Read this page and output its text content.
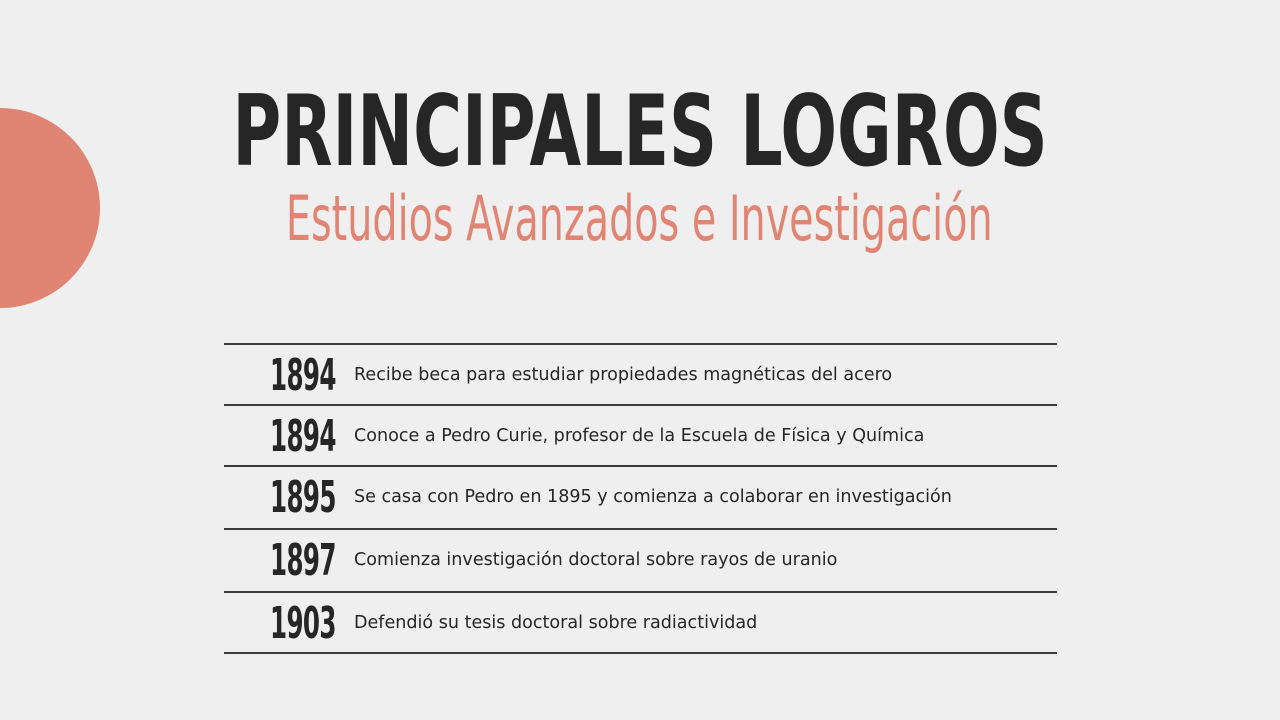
PRINCIPALES LOGROS
Estudios Avanzados e Investigación
1894 Recibe beca para estudiar propiedades magnéticas del acero
1894 Conoce a Pedro Curie, profesor de la Escuela de Física y Química
1895 Se casa con Pedro en 1895 y comienza a colaborar en investigación
1897 Comienza investigación doctoral sobre rayos de uranio
1903 Defendió su tesis doctoral sobre radiactividad
